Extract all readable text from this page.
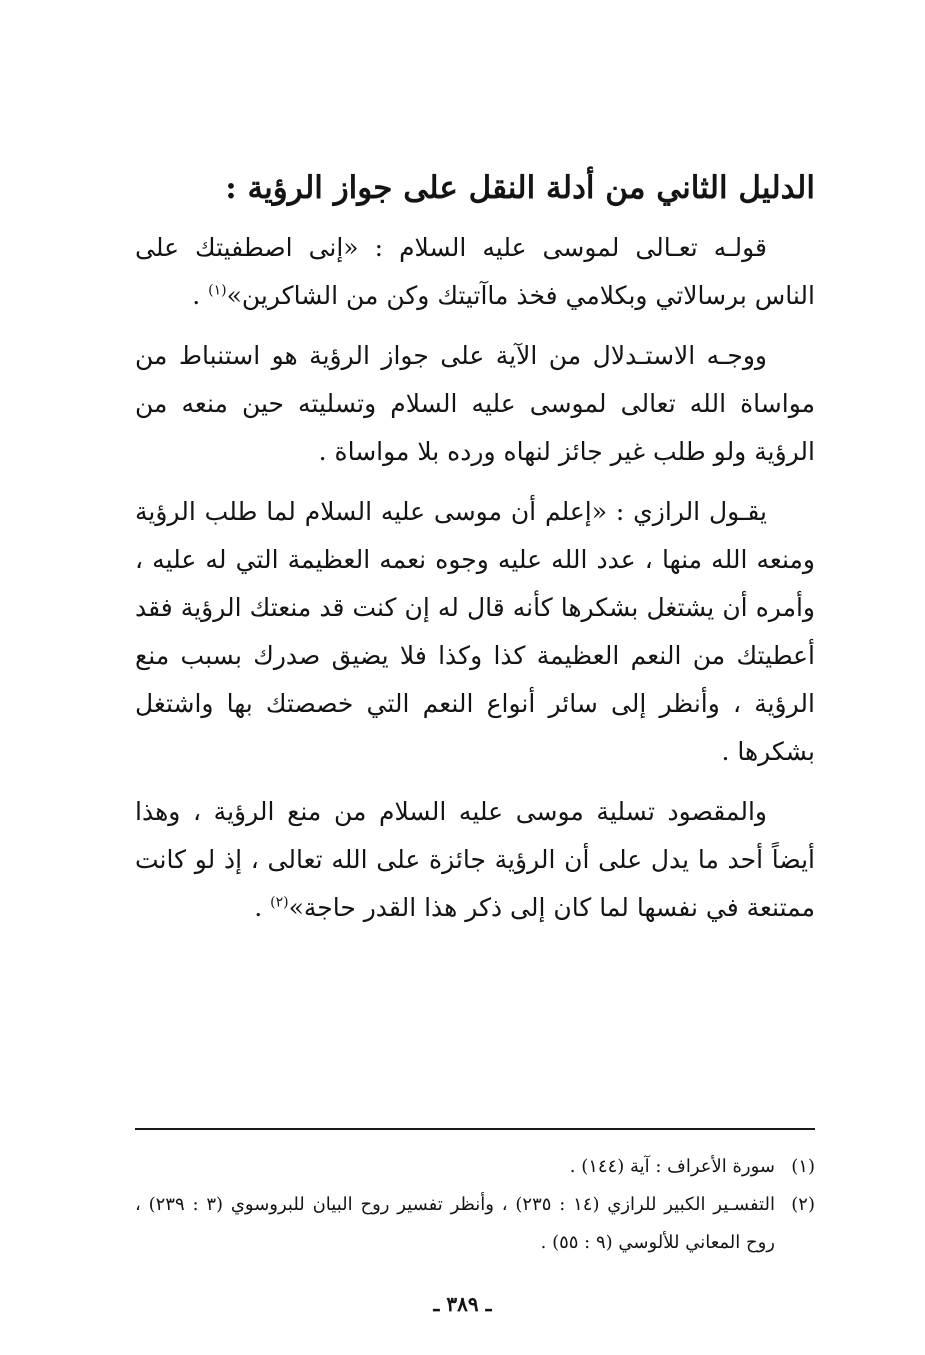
الدليل الثاني من أدلة النقل على جواز الرؤية :

قولـه تعـالى لموسى عليه السلام : «إنى اصطفيتك على الناس برسالاتي وبكلامي فخذ ماآتيتك وكن من الشاكرين»$^{(١)}$ .

ووجـه الاستـدلال من الآية على جواز الرؤية هو استنباط من مواساة الله تعالى لموسى عليه السلام وتسليته حين منعه من الرؤية ولو طلب غير جائز لنهاه ورده بلا مواساة .

يقـول الرازي : «إعلم أن موسى عليه السلام لما طلب الرؤية ومنعه الله منها ، عدد الله عليه وجوه نعمه العظيمة التي له عليه ، وأمره أن يشتغل بشكرها كأنه قال له إن كنت قد منعتك الرؤية فقد أعطيتك من النعم العظيمة كذا وكذا فلا يضيق صدرك بسبب منع الرؤية ، وأنظر إلى سائر أنواع النعم التي خصصتك بها واشتغل بشكرها .

والمقصود تسلية موسى عليه السلام من منع الرؤية ، وهذا أيضاً أحد ما يدل على أن الرؤية جائزة على الله تعالى ، إذ لو كانت ممتنعة في نفسها لما كان إلى ذكر هذا القدر حاجة»$^{(٢)}$ .

(١)
سورة الأعراف : آية (١٤٤) .
(٢)
التفسـير الكبير للرازي (١٤ : ٢٣٥) ، وأنظر تفسير روح البيان للبروسوي (٣ : ٢٣٩) ، روح المعاني للألوسي (٩ : ٥٥) .
ـ ٣٨٩ ـ
